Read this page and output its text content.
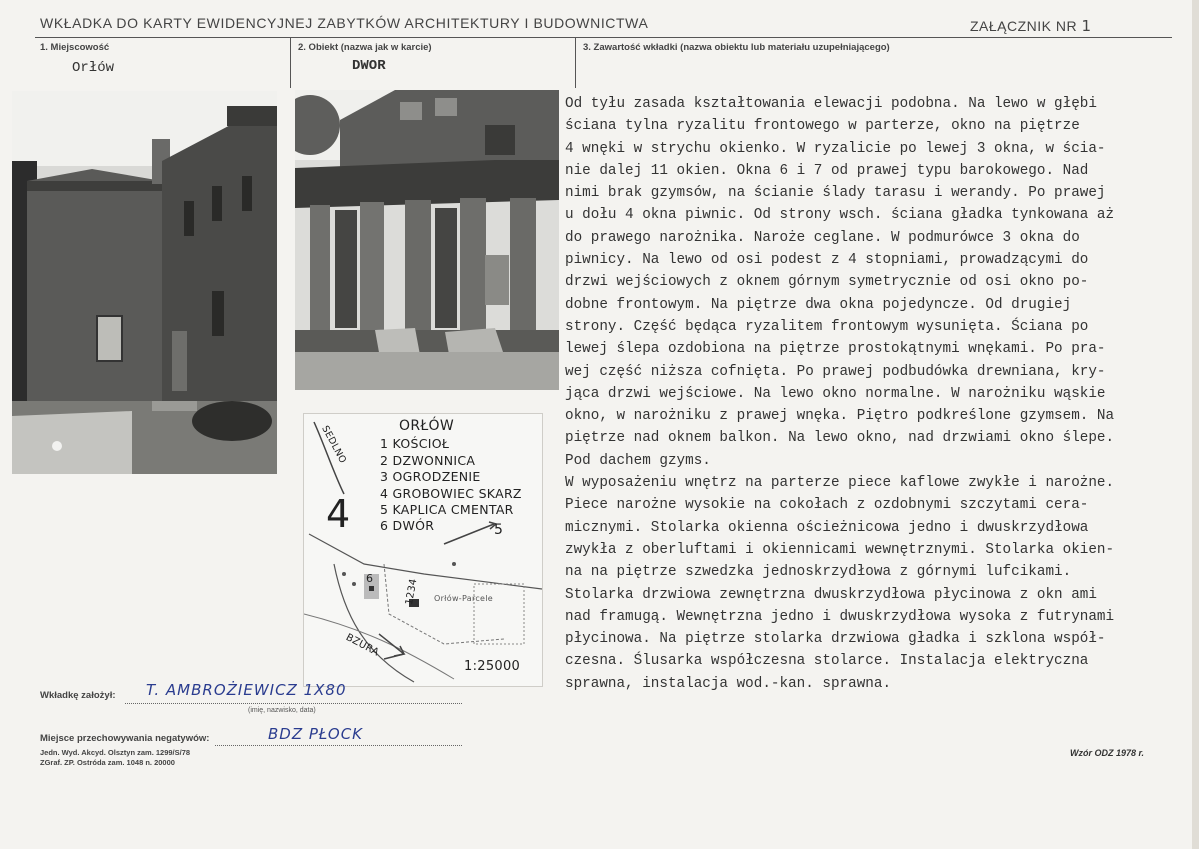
WKŁADKA DO KARTY EWIDENCYJNEJ ZABYTKÓW ARCHITEKTURY I BUDOWNICTWA	ZAŁĄCZNIK NR 1
1. Miejscowość
Orłów
2. Obiekt (nazwa jak w karcie)
DWOR
3. Zawartość wkładki (nazwa obiektu lub materiału uzupełniającego)
ORŁÓW
SEDLNO	1 KOŚCIOŁ
2 DZWONNICA
3 OGRODZENIE
4 GROBOWIEC SKARZ
5 KAPLICA CMENTAR
6 DWÓR
4	5
6	1234 Orłów-Parcele
BZURA
1:25000
Od tyłu zasada kształtowania elewacji podobna. Na lewo w głębi
ściana tylna ryzalitu frontowego w parterze, okno na piętrze
4 wnęki w strychu okienko. W ryzalicie po lewej 3 okna, w ścia-
nie dalej 11 okien. Okna 6 i 7 od prawej typu barokowego. Nad
nimi brak gzymsów, na ścianie ślady tarasu i werandy. Po prawej
u dołu 4 okna piwnic. Od strony wsch. ściana gładka tynkowana aż
do prawego narożnika. Naroże ceglane. W podmurówce 3 okna do
piwnicy. Na lewo od osi podest z 4 stopniami, prowadzącymi do
drzwi wejściowych z oknem górnym symetrycznie od osi okno po-
dobne frontowym. Na piętrze dwa okna pojedyncze. Od drugiej
strony. Część będąca ryzalitem frontowym wysunięta. Ściana po
lewej ślepa ozdobiona na piętrze prostokątnymi wnękami. Po pra-
wej część niższa cofnięta. Po prawej podbudówka drewniana, kry-
jąca drzwi wejściowe. Na lewo okno normalne. W narożniku wąskie
okno, w narożniku z prawej wnęka. Piętro podkreślone gzymsem. Na
piętrze nad oknem balkon. Na lewo okno, nad drzwiami okno ślepe.
Pod dachem gzyms.
W wyposażeniu wnętrz na parterze piece kaflowe zwykłe i narożne.
Piece narożne wysokie na cokołach z ozdobnymi szczytami cera-
micznymi. Stolarka okienna ościeżnicowa jedno i dwuskrzydłowa
zwykła z oberluftami i okiennicami wewnętrznymi. Stolarka okien-
na na piętrze szwedzka jednoskrzydłowa z górnymi lufcikami.
Stolarka drzwiowa zewnętrzna dwuskrzydłowa płycinowa z okn ami
nad framugą. Wewnętrzna jedno i dwuskrzydłowa wysoka z futrynami
płycinowa. Na piętrze stolarka drzwiowa gładka i szklona współ-
czesna. Ślusarka współczesna stolarce. Instalacja elektryczna
sprawna, instalacja wod.-kan. sprawna.
Wkładkę założył: T. AMBROŻIEWICZ 1X80
(imię, nazwisko, data)
Miejsce przechowywania negatywów:	BDZ PŁOCK
Jedn. Wyd. Akcyd. Olsztyn zam. 1299/S/78
ZGraf. ZP. Ostróda zam. 1048 n. 20000
Wzór ODZ 1978 r.
